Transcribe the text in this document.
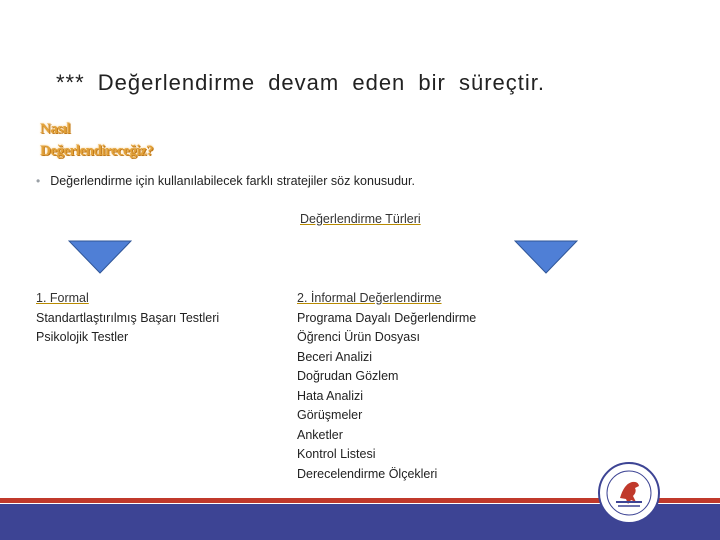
*** Değerlendirme devam eden bir süreçtir.
Nasıl
Değerlendireceğiz?
• Değerlendirme için kullanılabilecek farklı stratejiler söz konusudur.
Değerlendirme Türleri
1. Formal
Standartlaştırılmış Başarı Testleri
Psikolojik Testler
2. İnformal Değerlendirme
Programa Dayalı Değerlendirme
Öğrenci Ürün Dosyası
Beceri Analizi
Doğrudan Gözlem
Hata Analizi
Görüşmeler
Anketler
Kontrol Listesi
Derecelendirme Ölçekleri
